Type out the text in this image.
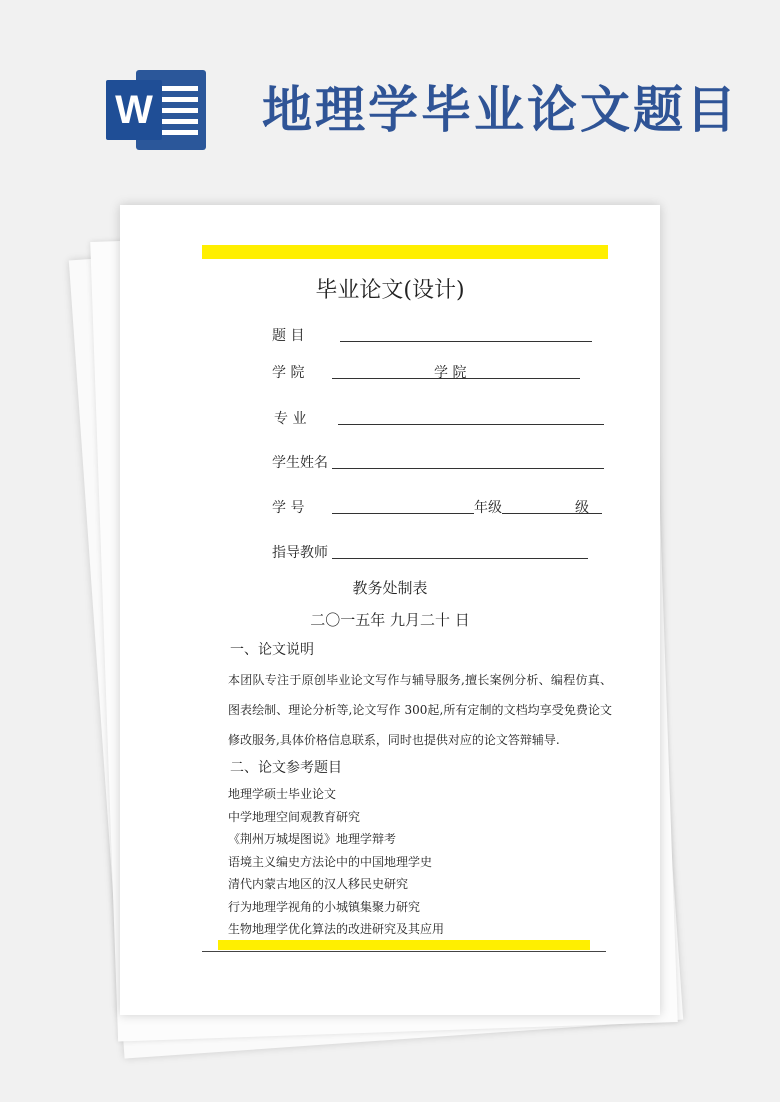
W 地理学毕业论文题目
毕业论文(设计)
题 目
学 院	学 院
专 业
学生姓名
学 号	年级	级
指导教师
教务处制表
二〇一五年 九月二十 日
一、论文说明
本团队专注于原创毕业论文写作与辅导服务,擅长案例分析、编程仿真、图表绘制、理论分析等,论文写作 300起,所有定制的文档均享受免费论文修改服务,具体价格信息联系，同时也提供对应的论文答辩辅导.
二、论文参考题目
地理学硕士毕业论文
中学地理空间观教育研究
《荆州万城堤图说》地理学辩考
语境主义编史方法论中的中国地理学史
清代内蒙古地区的汉人移民史研究
行为地理学视角的小城镇集聚力研究
生物地理学优化算法的改进研究及其应用
